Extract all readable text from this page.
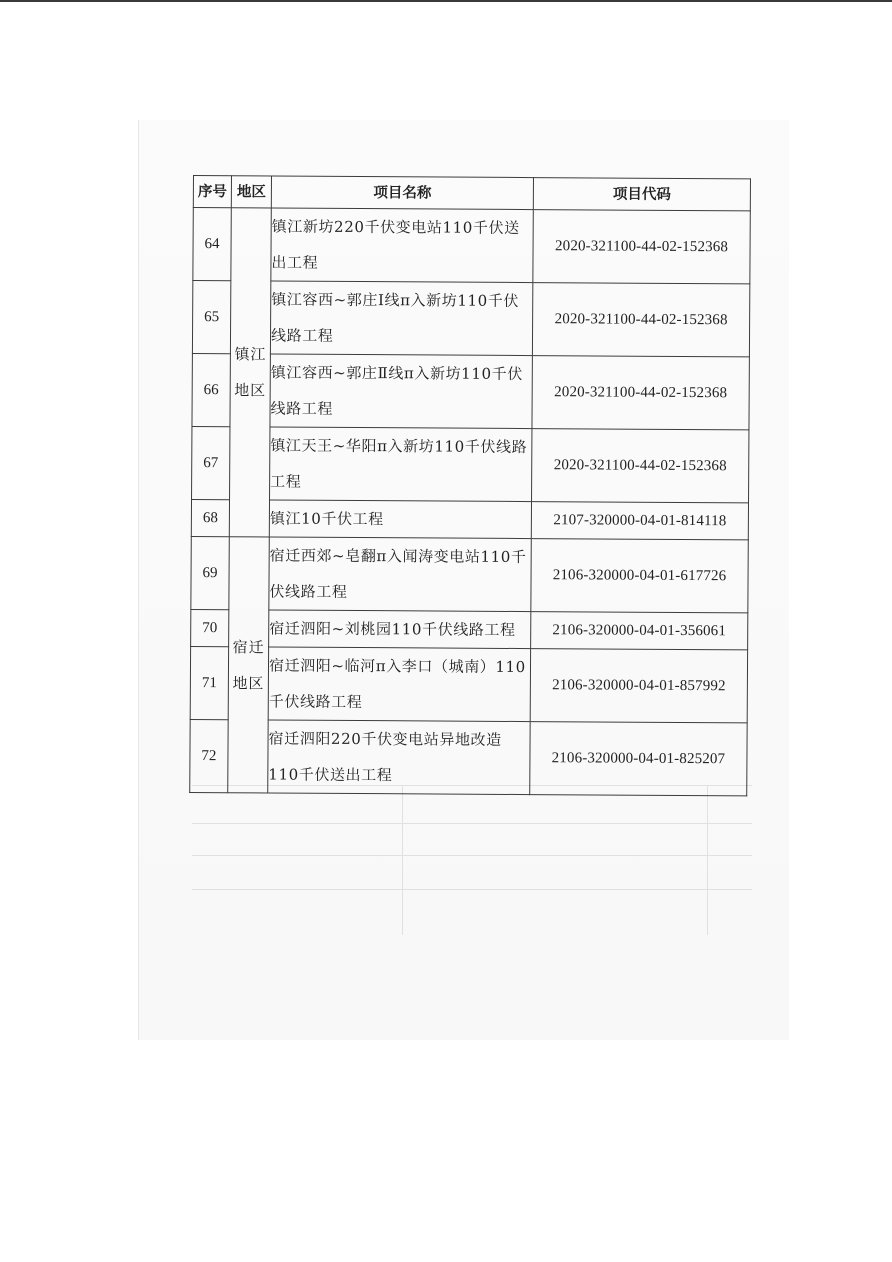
序号	地区	项目名称	项目代码
64	镇江地区	镇江新坊220千伏变电站110千伏送出工程	2020-321100-44-02-152368
65		镇江容西~郭庄Ⅰ线π入新坊110千伏线路工程	2020-321100-44-02-152368
66		镇江容西~郭庄Ⅱ线π入新坊110千伏线路工程	2020-321100-44-02-152368
67		镇江天王~华阳π入新坊110千伏线路工程	2020-321100-44-02-152368
68		镇江10千伏工程	2107-320000-04-01-814118
69	宿迁地区	宿迁西郊~皂翻π入闻涛变电站110千伏线路工程	2106-320000-04-01-617726
70		宿迁泗阳~刘桃园110千伏线路工程	2106-320000-04-01-356061
71		宿迁泗阳~临河π入李口（城南）110千伏线路工程	2106-320000-04-01-857992
72		宿迁泗阳220千伏变电站异地改造110千伏送出工程	2106-320000-04-01-825207
